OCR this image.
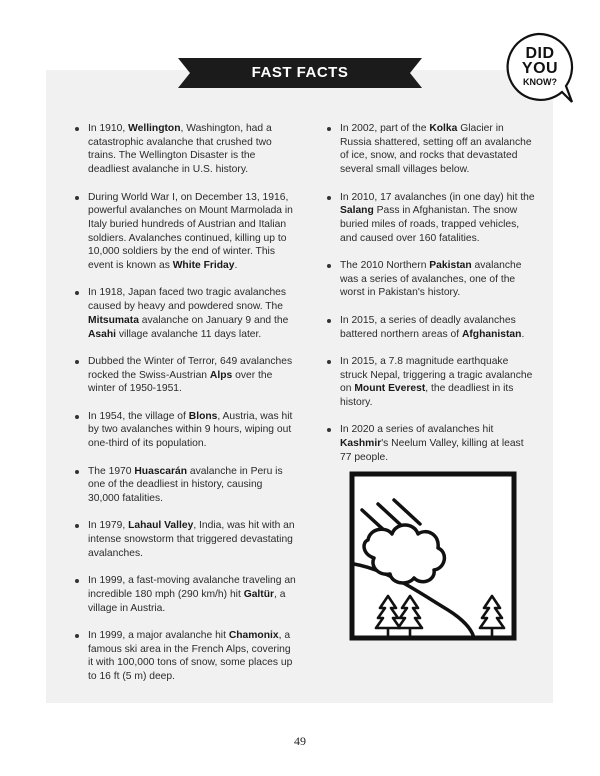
FAST FACTS
DID
YOU
KNOW?
In 1910, Wellington, Washington, had a catastrophic avalanche that crushed two trains. The Wellington Disaster is the deadliest avalanche in U.S. history.
During World War I, on December 13, 1916, powerful avalanches on Mount Marmolada in Italy buried hundreds of Austrian and Italian soldiers. Avalanches continued, killing up to 10,000 soldiers by the end of winter. This event is known as White Friday.
In 1918, Japan faced two tragic avalanches caused by heavy and powdered snow. The Mitsumata avalanche on January 9 and the Asahi village avalanche 11 days later.
Dubbed the Winter of Terror, 649 avalanches rocked the Swiss-Austrian Alps over the winter of 1950-1951.
In 1954, the village of Blons, Austria, was hit by two avalanches within 9 hours, wiping out one-third of its population.
The 1970 Huascarán avalanche in Peru is one of the deadliest in history, causing 30,000 fatalities.
In 1979, Lahaul Valley, India, was hit with an intense snowstorm that triggered devastating avalanches.
In 1999, a fast-moving avalanche traveling an incredible 180 mph (290 km/h) hit Galtür, a village in Austria.
In 1999, a major avalanche hit Chamonix, a famous ski area in the French Alps, covering it with 100,000 tons of snow, some places up to 16 ft (5 m) deep.
In 2002, part of the Kolka Glacier in Russia shattered, setting off an avalanche of ice, snow, and rocks that devastated several small villages below.
In 2010, 17 avalanches (in one day) hit the Salang Pass in Afghanistan. The snow buried miles of roads, trapped vehicles, and caused over 160 fatalities.
The 2010 Northern Pakistan avalanche was a series of avalanches, one of the worst in Pakistan's history.
In 2015, a series of deadly avalanches battered northern areas of Afghanistan.
In 2015, a 7.8 magnitude earthquake struck Nepal, triggering a tragic avalanche on Mount Everest, the deadliest in its history.
In 2020 a series of avalanches hit Kashmir's Neelum Valley, killing at least 77 people.
49
